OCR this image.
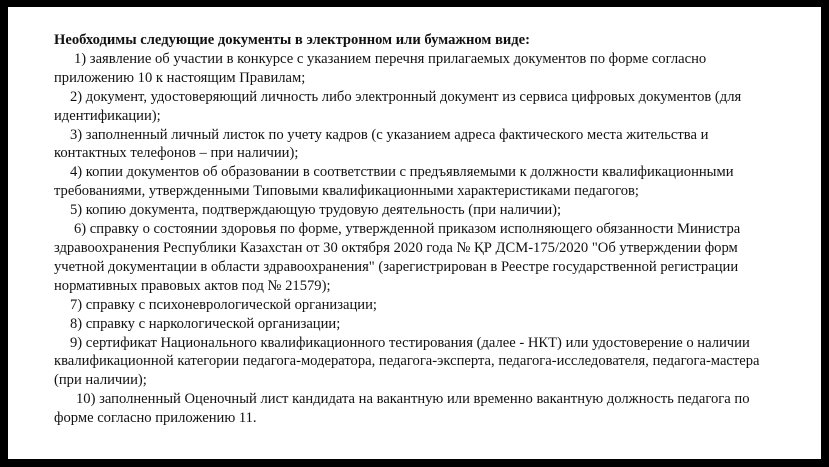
Необходимы следующие документы в электронном или бумажном виде:

1) заявление об участии в конкурсе с указанием перечня прилагаемых документов по форме согласно приложению 10 к настоящим Правилам;

2) документ, удостоверяющий личность либо электронный документ из сервиса цифровых документов (для идентификации);

3) заполненный личный листок по учету кадров (с указанием адреса фактического места жительства и контактных телефонов – при наличии);

4) копии документов об образовании в соответствии с предъявляемыми к должности квалификационными требованиями, утвержденными Типовыми квалификационными характеристиками педагогов;

5) копию документа, подтверждающую трудовую деятельность (при наличии);

6) справку о состоянии здоровья по форме, утвержденной приказом исполняющего обязанности Министра здравоохранения Республики Казахстан от 30 октября 2020 года № ҚР ДСМ-175/2020 "Об утверждении форм учетной документации в области здравоохранения" (зарегистрирован в Реестре государственной регистрации нормативных правовых актов под № 21579);

7) справку с психоневрологической организации;

8) справку с наркологической организации;

9) сертификат Национального квалификационного тестирования (далее - НКТ) или удостоверение о наличии квалификационной категории педагога-модератора, педагога-эксперта, педагога-исследователя, педагога-мастера (при наличии);

10) заполненный Оценочный лист кандидата на вакантную или временно вакантную должность педагога по форме согласно приложению 11.
